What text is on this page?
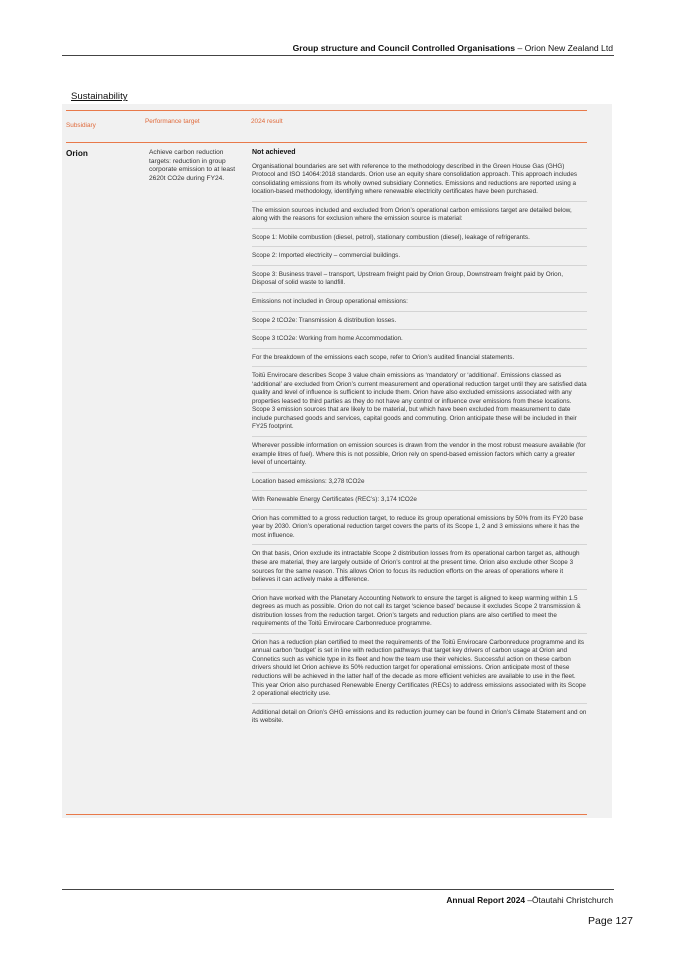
Group structure and Council Controlled Organisations – Orion New Zealand Ltd
Sustainability
Subsidiary
Performance target	2024 result
Orion	Achieve carbon reduction targets: reduction in group corporate emission to at least 2620t CO2e during FY24.
Not achieved

Organisational boundaries are set with reference to the methodology described in the Green House Gas (GHG) Protocol and ISO 14064:2018 standards. Orion use an equity share consolidation approach. This approach includes consolidating emissions from its wholly owned subsidiary Connetics. Emissions and reductions are reported using a location-based methodology, identifying where renewable electricity certificates have been purchased.

The emission sources included and excluded from Orion’s operational carbon emissions target are detailed below, along with the reasons for exclusion where the emission source is material:

Scope 1: Mobile combustion (diesel, petrol), stationary combustion (diesel), leakage of refrigerants.

Scope 2: Imported electricity – commercial buildings.

Scope 3: Business travel – transport, Upstream freight paid by Orion Group, Downstream freight paid by Orion, Disposal of solid waste to landfill.

Emissions not included in Group operational emissions:

Scope 2 tCO2e: Transmission & distribution losses.

Scope 3 tCO2e: Working from home Accommodation.

For the breakdown of the emissions each scope, refer to Orion’s audited financial statements.

Toitū Envirocare describes Scope 3 value chain emissions as ‘mandatory’ or ‘additional’. Emissions classed as ‘additional’ are excluded from Orion’s current measurement and operational reduction target until they are satisfied data quality and level of influence is sufficient to include them. Orion have also excluded emissions associated with any properties leased to third parties as they do not have any control or influence over emissions from these locations. Scope 3 emission sources that are likely to be material, but which have been excluded from measurement to date include purchased goods and services, capital goods and commuting. Orion anticipate these will be included in their FY25 footprint.

Wherever possible information on emission sources is drawn from the vendor in the most robust measure available (for example litres of fuel). Where this is not possible, Orion rely on spend-based emission factors which carry a greater level of uncertainty.

Location based emissions: 3,278 tCO2e

With Renewable Energy Certificates (REC’s): 3,174 tCO2e

Orion has committed to a gross reduction target, to reduce its group operational emissions by 50% from its FY20 base year by 2030. Orion’s operational reduction target covers the parts of its Scope 1, 2 and 3 emissions where it has the most influence.

On that basis, Orion exclude its intractable Scope 2 distribution losses from its operational carbon target as, although these are material, they are largely outside of Orion’s control at the present time. Orion also exclude other Scope 3 sources for the same reason. This allows Orion to focus its reduction efforts on the areas of operations where it believes it can actively make a difference.

Orion have worked with the Planetary Accounting Network to ensure the target is aligned to keep warming within 1.5 degrees as much as possible. Orion do not call its target ‘science based’ because it excludes Scope 2 transmission & distribution losses from the reduction target. Orion’s targets and reduction plans are also certified to meet the requirements of the Toitū Envirocare Carbonreduce programme.

Orion has a reduction plan certified to meet the requirements of the Toitū Envirocare Carbonreduce programme and its annual carbon ‘budget’ is set in line with reduction pathways that target key drivers of carbon usage at Orion and Connetics such as vehicle type in its fleet and how the team use their vehicles. Successful action on these carbon drivers should let Orion achieve its 50% reduction target for operational emissions. Orion anticipate most of these reductions will be achieved in the latter half of the decade as more efficient vehicles are available to use in the fleet. This year Orion also purchased Renewable Energy Certificates (RECs) to address emissions associated with its Scope 2 operational electricity use.

Additional detail on Orion’s GHG emissions and its reduction journey can be found in Orion’s Climate Statement and on its website.

Annual Report 2024 –Ōtautahi Christchurch
Page 127
